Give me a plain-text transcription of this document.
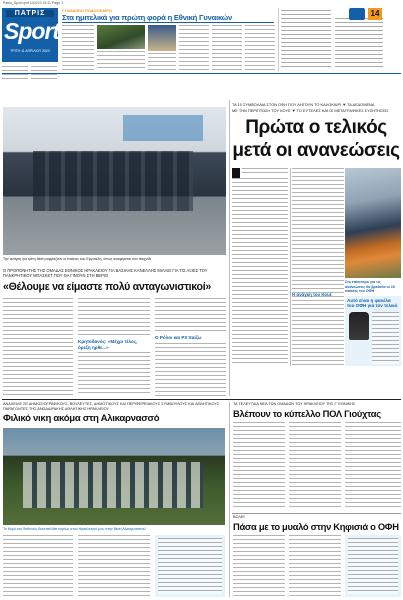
Patris_Sport.qxd 10/4/23 15:11 Page 1
ΠΑΤΡΙΣ
Sport
ΤΡΙΤΗ 11 ΑΠΡΙΛΙΟΥ 2023
ΓΥΝΑΙΚΕΙΟ ΠΟΔΟΣΦΑΙΡΟ
Στα ημιτελικά για πρώτη φορά η Εθνική Γυναικών	14
Την ανάγκη για τρίτη θέση εκφράζουν οι παίκτες του Εργοτέλη, όπως αναφέρεται στο παιχνίδι
Ο ΠΡΟΠΟΝΗΤΗΣ ΤΗΣ ΟΜΑΔΑΣ ΕΘΝΙΚΟΣ ΗΡΑΚΛΕΙΟΥ ΓΙΑ ΒΑΣΙΛΗΣ ΚΑΝΕΛΛΗΣ ΜΙΛΑΕΙ ΓΙΑ ΤΙΣ ΑΞΙΕΣ ΤΟΥ ΠΑΝΚΡΗΤΙΚΟΥ ΜΠΑΣΚΕΤ ΠΟΥ ΘΑ ΓΙΝΟΥΝ ΣΤΗ ΒΕΡΙΟ
«Θέλουμε να είμαστε πολύ ανταγωνιστικοί»
Κρητοδανός: «Μέχρι τέλος, όρεξη ηρθε...»
Ο Ρόλοι και Ρ3 παίζω
ΤΑ 10 ΣΥΜΒΟΛΑΙΑ ΣΤΟΝ ΟΦΗ ΠΟΥ ΛΗΓΟΥΝ ΤΟ ΚΑΛΟΚΑΙΡΙ ▼ ΤΑ ΔΕΔΟΜΕΝΑ
ΜΕ ΤΗΝ ΠΕΡΙΠΤΩΣΗ ΤΟΥ ΚΟΥΕ ▼ ΤΟ ΕΥΤΕΛΕΣ ΚΑΙ ΟΙ ΜΕΤΑΓΡΑΦΙΚΕΣ ΣΥΖΗΤΗΣΕΙΣ
Πρώτα ο τελικός
μετά οι ανανεώσεις
Στο επίκεντρο για τις ανανεώσεις θα βρεθούν οι 10 παίκτες του ΟΦΗ
Αυτό είναι η φανέλα του ΟΦΗ για τον τελικό
Η ανάγκη του Κουέ
ΑΝΑΧΕΙΛΕ ΣΕ ΔΗΜΟΣΙΟΓΡΑΦΙΚΟΥΣ, ΒΟΥΛΕΥΤΕΣ, ΔΗΜΟΤΙΚΟΥΣ ΚΑΙ ΠΕΡΙΦΕΡΕΙΑΚΟΥΣ ΣΥΜΒΟΥΛΟΥΣ ΚΑΙ ΑΘΛΗΤΙΚΟΥΣ ΠΑΡΑΓΟΝΤΕΣ ΤΗΣ ΑΝΩΔΑΙΡΑΚΗΣ ΑΘΛΗΤΙΚΗΣ ΗΡΑΚΛΕΙΟΥ
Φιλικό νικη ακόμα στη Αλικαρνασσό
Το θυμό του διεθνούς δοκεπτέλθει κυρίως στον Ηρακλειανό μου στην θέση Αλικαρνασσού
ΤΑ ΤΕΛΕΥΤΑΙΑ ΝΕΑ ΤΩΝ ΟΜΑΔΩΝ ΤΟΥ ΗΡΑΚΛΕΙΟΥ ΤΗΣ Γ' ΕΘΝΙΚΗΣ
Βλέπουν το κύπελλο ΠΟΛ Γιούχτας
ΒΟΛΕΪ
Πάσα με το μυαλό στην Κηφισιά ο ΟΦΗ
